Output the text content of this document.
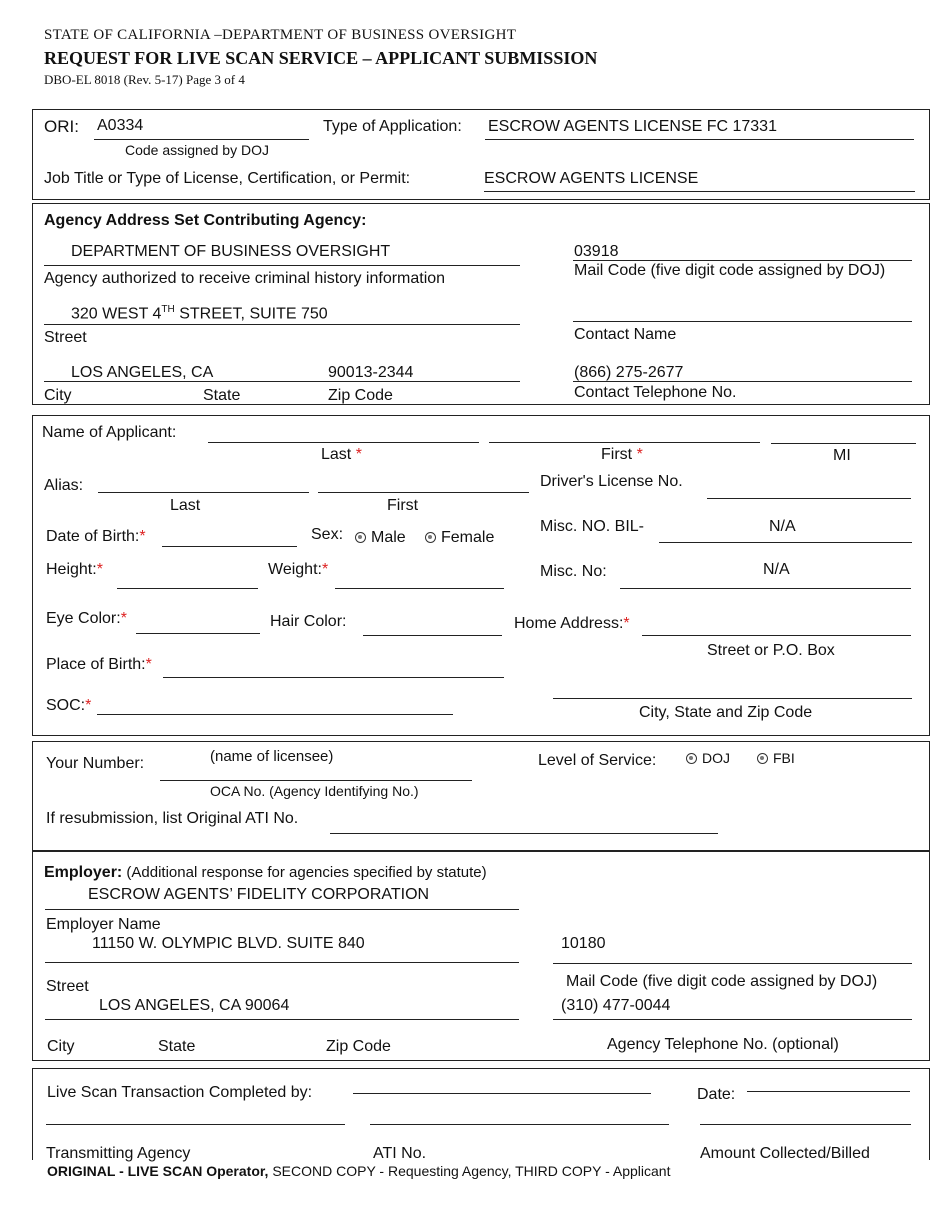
STATE OF CALIFORNIA –DEPARTMENT OF BUSINESS OVERSIGHT
REQUEST FOR LIVE SCAN SERVICE – APPLICANT SUBMISSION
DBO-EL 8018 (Rev. 5-17) Page 3 of 4
ORI: A0334
Code assigned by DOJ
Type of Application: ESCROW AGENTS LICENSE FC 17331
Job Title or Type of License, Certification, or Permit:	ESCROW AGENTS LICENSE
Agency Address Set Contributing Agency:
DEPARTMENT OF BUSINESS OVERSIGHT
Agency authorized to receive criminal history information
320 WEST 4TH STREET, SUITE 750
Street
LOS ANGELES, CA	90013-2344
City	State	Zip Code
03918
Mail Code (five digit code assigned by DOJ)
Contact Name
(866) 275-2677
Contact Telephone No.
Name of Applicant:
Last *	First *	MI
Alias:
Last	First
Driver's License No.
Date of Birth:*	Sex:	Male	Female
Misc. NO. BIL-	N/A
Height:*	Weight:*	Misc. No:	N/A
Eye Color:*	Hair Color:	Home Address:*
Street or P.O. Box
Place of Birth:*
SOC:*	City, State and Zip Code
Your Number:	(name of licensee)
OCA No. (Agency Identifying No.)
Level of Service:	DOJ	FBI
If resubmission, list Original ATI No.
Employer: (Additional response for agencies specified by statute)
ESCROW AGENTS’ FIDELITY CORPORATION
Employer Name
11150 W. OLYMPIC BLVD. SUITE 840
Street
LOS ANGELES, CA 90064
City	State	Zip Code
10180
Mail Code (five digit code assigned by DOJ)
(310) 477-0044
Agency Telephone No. (optional)
Live Scan Transaction Completed by:	Date:
Transmitting Agency	ATI No.	Amount Collected/Billed
ORIGINAL - LIVE SCAN Operator, SECOND COPY - Requesting Agency, THIRD COPY - Applicant
